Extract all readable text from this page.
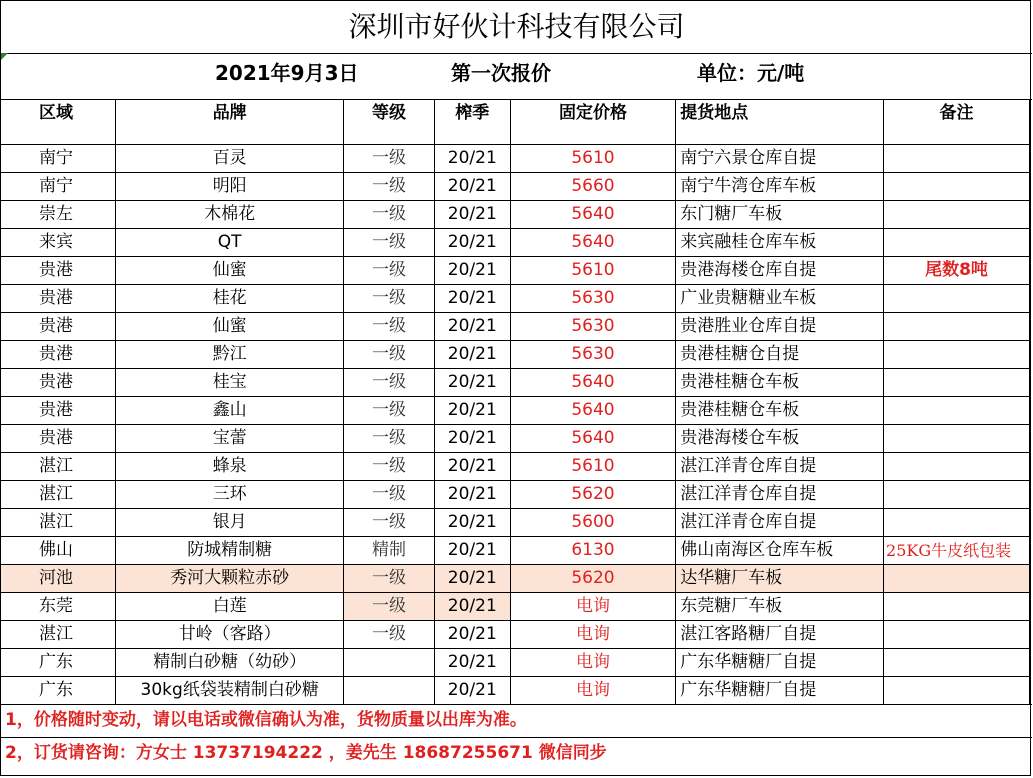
深圳市好伙计科技有限公司
2021年9月3日	第一次报价	单位：元/吨
区域	品牌	等级	榨季	固定价格	提货地点	备注
南宁	百灵	一级	20/21	5610	南宁六景仓库自提	
南宁	明阳	一级	20/21	5660	南宁牛湾仓库车板	
崇左	木棉花	一级	20/21	5640	东门糖厂车板	
来宾	QT	一级	20/21	5640	来宾融桂仓库车板	
贵港	仙蜜	一级	20/21	5610	贵港海楼仓库自提	尾数8吨
贵港	桂花	一级	20/21	5630	广业贵糖糖业车板	
贵港	仙蜜	一级	20/21	5630	贵港胜业仓库自提	
贵港	黔江	一级	20/21	5630	贵港桂糖仓自提	
贵港	桂宝	一级	20/21	5640	贵港桂糖仓车板	
贵港	鑫山	一级	20/21	5640	贵港桂糖仓车板	
贵港	宝蕾	一级	20/21	5640	贵港海楼仓车板	
湛江	蜂泉	一级	20/21	5610	湛江洋青仓库自提	
湛江	三环	一级	20/21	5620	湛江洋青仓库自提	
湛江	银月	一级	20/21	5600	湛江洋青仓库自提	
佛山	防城精制糖	精制	20/21	6130	佛山南海区仓库车板	25KG牛皮纸包装
河池	秀河大颗粒赤砂	一级	20/21	5620	达华糖厂车板	
东莞	白莲	一级	20/21	电询	东莞糖厂车板	
湛江	甘岭（客路）	一级	20/21	电询	湛江客路糖厂自提	
广东	精制白砂糖（幼砂）		20/21	电询	广东华糖糖厂自提	
广东	30kg纸袋装精制白砂糖		20/21	电询	广东华糖糖厂自提	
1，价格随时变动，请以电话或微信确认为准，货物质量以出库为准。
2，订货请咨询：方女士 13737194222 ，姜先生 18687255671 微信同步
